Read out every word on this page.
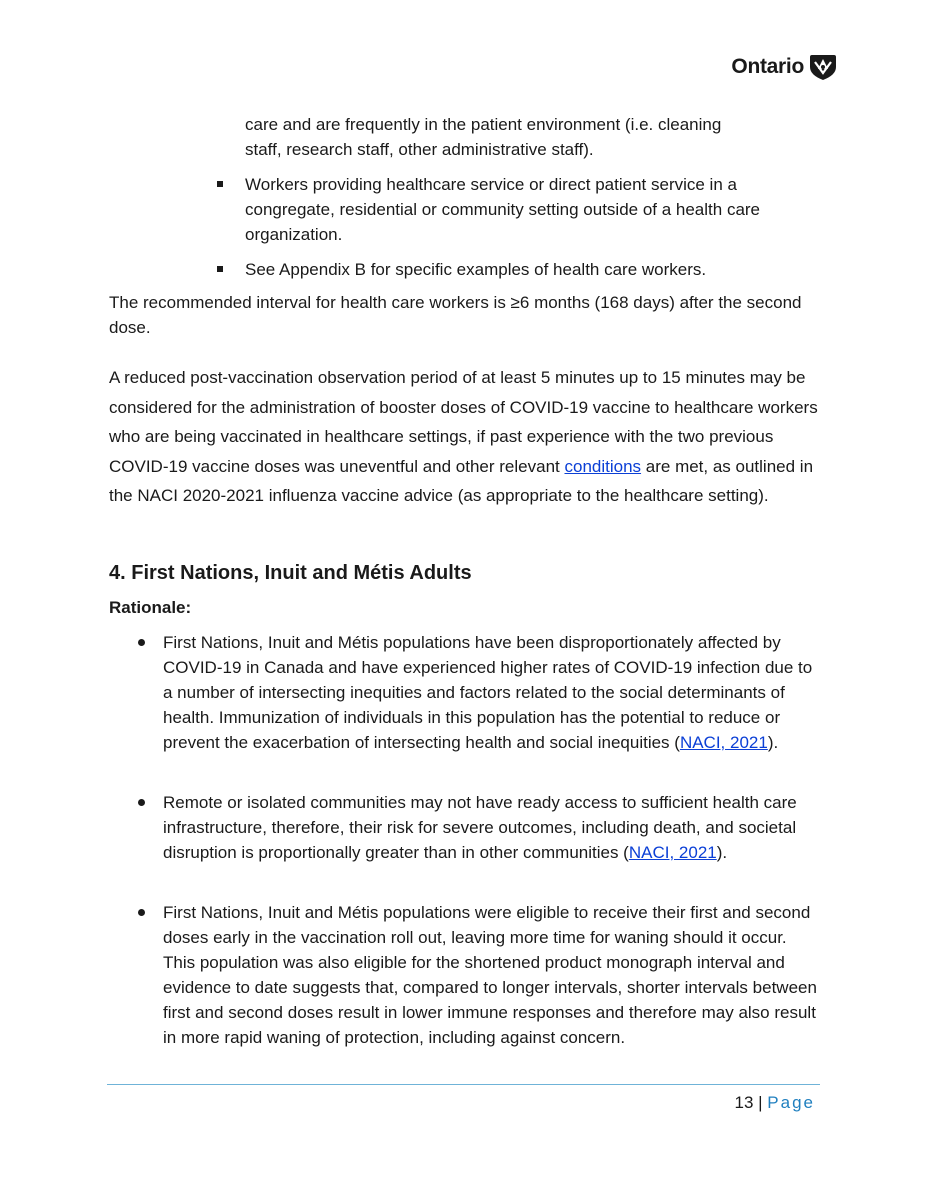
Ontario

care and are frequently in the patient environment (i.e. cleaning

staff, research staff, other administrative staff).

Workers providing healthcare service or direct patient service in a congregate, residential or community setting outside of a health care organization.

See Appendix B for specific examples of health care workers.

The recommended interval for health care workers is ≥6 months (168 days) after the second dose.

A reduced post-vaccination observation period of at least 5 minutes up to 15 minutes may be considered for the administration of booster doses of COVID-19 vaccine to healthcare workers who are being vaccinated in healthcare settings, if past experience with the two previous COVID-19 vaccine doses was uneventful and other relevant conditions are met, as outlined in the NACI 2020-2021 influenza vaccine advice (as appropriate to the healthcare setting).

4. First Nations, Inuit and Métis Adults

Rationale:

First Nations, Inuit and Métis populations have been disproportionately affected by COVID-19 in Canada and have experienced higher rates of COVID-19 infection due to a number of intersecting inequities and factors related to the social determinants of health. Immunization of individuals in this population has the potential to reduce or prevent the exacerbation of intersecting health and social inequities (NACI, 2021).

Remote or isolated communities may not have ready access to sufficient health care infrastructure, therefore, their risk for severe outcomes, including death, and societal disruption is proportionally greater than in other communities (NACI, 2021).

First Nations, Inuit and Métis populations were eligible to receive their first and second doses early in the vaccination roll out, leaving more time for waning should it occur. This population was also eligible for the shortened product monograph interval and evidence to date suggests that, compared to longer intervals, shorter intervals between first and second doses result in lower immune responses and therefore may also result in more rapid waning of protection, including against concern.

13 | Page
